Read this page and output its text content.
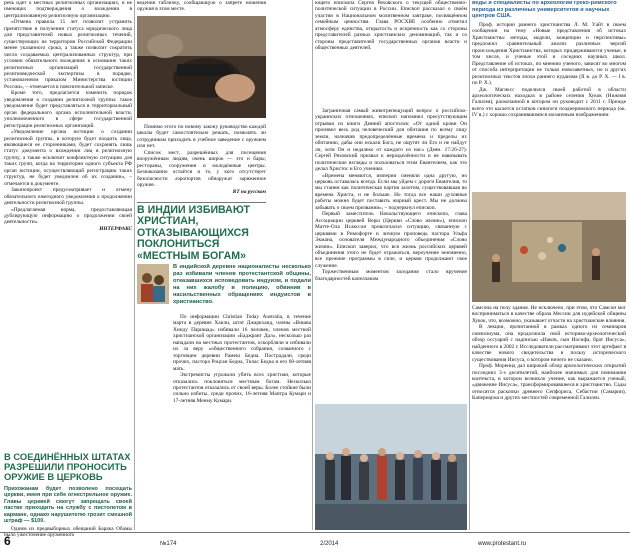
речь идет о местных религиозных организациях, и не имеющих подтверждения о вхождении в централизованную религиозную организацию.

«Отмена правила 15 лет позволит устранить препятствие в получении статуса юридического лица для представителей новых религиозных течений, существующих на территории Российской Федерации менее указанного срока, а также позволит сократить число создаваемых централизованных структур, при условии обязательного вхождения в основание таких религиозных организаций государственной религиоведческой экспертизы в порядке, установленном приказом Министерства юстиции России», – отмечается в пояснительной записке.

Кроме того, предлагается изменить порядок уведомления о создании религиозной группы: такое уведомление будет представляться в территориальный орган федерального органа исполнительной власти, уполномоченного в сфере государственной регистрации религиозных организаций.

«Уведомление органа юстиции о создании религиозной группы, в которую будет входить лица, являющиеся ее сторонниками, будет сохранять лишь статус документа о вхождении лиц в религиозную группу, а также исключит конфликтную ситуацию для таких групп, когда на территории одного субъекта РФ орган юстиции, осуществляющий регистрацию таких структур, не будет уведомлен об их создании», – отмечается в документе.

Законопроект предусматривает и отмену обязательного ежегодного уведомления о продолжении деятельности религиозной группы.

«Предлагаемая норма, предоставляющая дублирующую информацию о продолжении своей деятельности».

ИНТЕРФАКС
В СОЕДИНЁННЫХ ШТАТАХ РАЗРЕШИЛИ ПРОНОСИТЬ ОРУЖИЕ В ЦЕРКОВЬ
Прихожанам будет позволено посещать церкви, имея при себе огнестрельное оружие. Главы церквей смогут запрещать своей пастве приходить на службу с пистолетом в кармане, однако нарушителю грозит смешной штраф — $100.
Одним из предвыборных обещаний Барака Обамы было ужесточение оружейного

ведения табличку, сообщающую о запрете ношения оружия в этом месте.

Помимо этого по новому закону руководство каждой школы будет самостоятельно решать, позволять ли сотрудникам приходить в учебное заведение с оружием или нет.

Список мест, разрешённых для посещения вооружённым людям, очень широк — это и бары, рестораны, сооружения и молодёжные центры. Безнаказанно остаётся и то, у кого отсутствует безопасности аэропортов обнаружат заряженное оружие.

RT на русском
В ИНДИИ ИЗБИВАЮТ ХРИСТИАН, ОТКАЗЫВАЮЩИХСЯ ПОКЛОНИТЬСЯ «МЕСТНЫМ БОГАМ»
В индийской деревне националисты несколько раз избивали членов протестантской общины, отказавшихся исповедовать индуизм, и подали на них жалобу в полицию, обвинив в насильственных обращениях индуистов в христианство.

По информации Christian Today Australia, в течение марта в деревне Хаили, штат Джаркханд, члены «Вишва Хинду Паришад» избивали 16 человек, членов местной христианской организации «Баджранг Дал», несколько раз нападали на местных протестантов, оскорбляли и избивали их за веру «общественного собрания, созванного с торговцем деревни Рамеш Бедиа. Пострадали, среди прочих, пастора Роцсан Бедиа, Тилас Бедиа и его 60-летняя мать.

Экстремисты угрожали убить всех христиан, которые отказались поклоняться местным богам. Несколько протестантов отказались от своей веры. Более стойкие были сильно избиты, среди прочих, 16-летняя Мантра Кумари и 17-летняя Менму Кумари.

ющего епископа Сергея Ряховского о текущей общественно-политической ситуации в России. Епископ рассказал о своём участии в Национальном молитвенном завтраке, посвящённом семейным ценностям. Глава РОСХВЕ особенно отметил атмосферу единства, открытость и искренность как со стороны представителей разных христианских деноминаций, так и со стороны представителей государственных органов власти и общественных деятелей.

Заграничная самый животрепещущий вопрос о российско-украинских отношениях, епископ напомнил присутствующим отрывки из книги Деяний апостолов: «От одной крови Он произвел весь род человеческий для обитания по всему лицу земли, назначив предопределённые времена и пределы их обитанию, дабы они искали Бога, не ощутят ли Его и не найдут ли, хотя Он и недалеко от каждого из нас» (Деян. 17:26-27). Сергей Ряховский призвал к неразделённости и не навязывать политические взгляды и пользоваться этим Евангелием, как это делал Христос и Его ученики.

«Времена меняются, империи сменяли одна другую, но церковь оставалась всегда. Если мы уйдем с дороги Евангелия, то мы станем как политическая партия захотим, существовавшая во времена Христа, и не больше. Но тогда все наши духовные работы можно будет поставить жирный крест. Мы не должны забывать о своем призвании», – подчеркнул епископ.

Первый заместитель Начальствующего епископа, глава Ассоциации церквей Веры (Церкви «Слово жизни»), епископ Матте-Ола Исакссон провозгласил ситуацию, связанную с церквями в Римофорте и личную проповедь пастора Ульфа Экмана, основателя Международного объединения «Слово жизни». Епископ заверил, что вся жизнь российских церквей объединения этого не будет отражаться, вероучение неизменно, все прежние программы в силе, и церкви продолжают свое служение.

Торжественным моментом заседания стало вручение благодарностей капелланам

веды и специалисты по археологии греко-римского периода из различных университетов и научных центров США.

Проф. истории раннего христианства Л. М. Уайт в своем сообщении на тему «Новые представления об истоках Христианства: методы, модели, концепции и перспективы» предложил сравнительный анализ различных версий происхождения Христианства, которых придерживаются ученые, в том числе, и ученые этой и соседних научных школ. Представление об истоках, по мнению ученого, зависят во многом от способа интерпретации не только новозаветных, но и других религиозных текстов эпохи раннего иудаизма (II в. до Р. Х. — I в. по Р. Х.).

Дж. Магнесс поделился своей работой в области археологических находках в районе селения Хукок (Нижняя Галилея), раскопанной в котором он руководит с 2011 г. Прежде всего это касается остатков синагоги позднеримского периода (ок. IV в.) с хорошо сохранившимися мозаичным изображением

Самсона на полу здания. Не исключено, при этом, что Самсон мог восприниматься в качестве образа Мессии для иудейской общины Хукок, что, возможно, указывает отчасти на христианские влияния.

В лекции, прочитанной в рамках одного из семинаров симпозиума, она продолжила свой историко-археологический обзор оссуарий с надписью «Иаков, сын Иосифа, брат Иисуса», найденного в 2002 г. Исследователи рассматривают этот артефакт в качестве нового свидетельства в пользу исторического существования Иисуса, о котором ничего не сказано.

Проф. Моренид дал широкий обзор археологических открытий последних 3-х десятилетий, наиболее значимых для понимания контекста, в котором возникло учение, как выражается ученый, «движение Иисуса», трансформировавшееся в христианство. Сады относятся раскопки древнего Сепфориса, Себастии (Самарии), Капернаума и других местностей современной Галилеи.

6	№174	2/2014	www.protestant.ru
